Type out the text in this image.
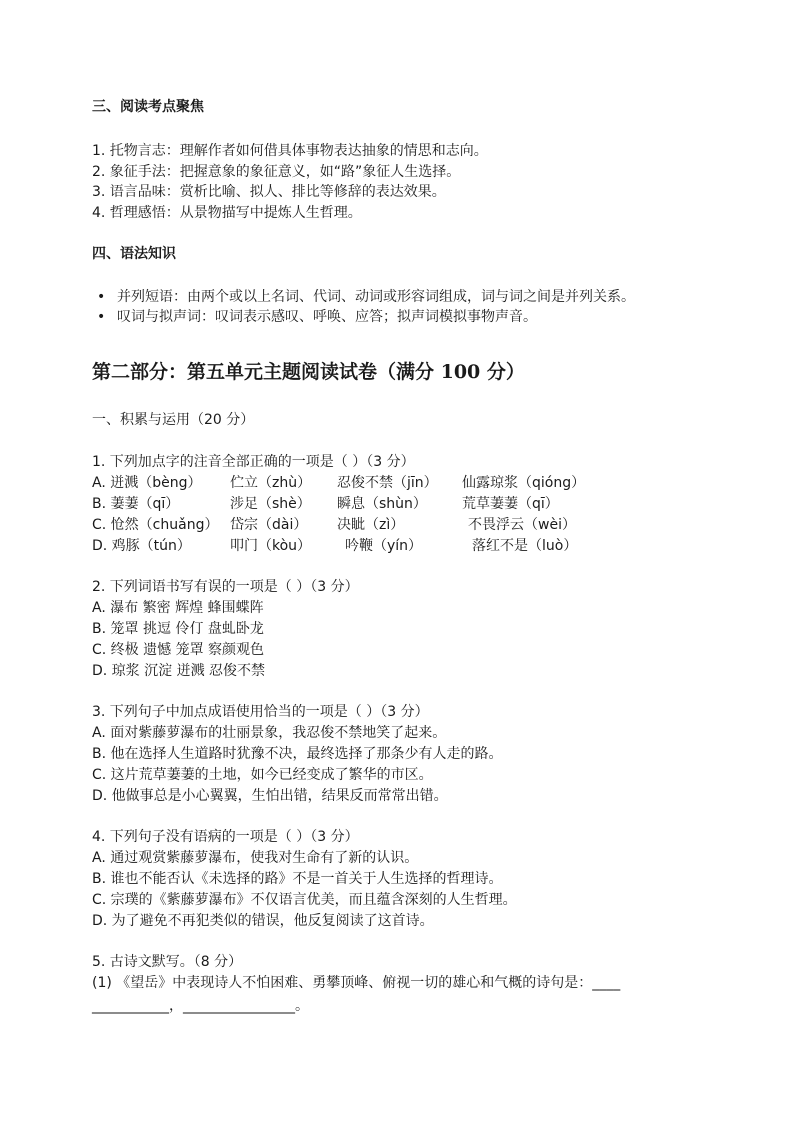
三、阅读考点聚焦
1. 托物言志：理解作者如何借具体事物表达抽象的情思和志向。
2. 象征手法：把握意象的象征意义，如“路”象征人生选择。
3. 语言品味：赏析比喻、拟人、排比等修辞的表达效果。
4. 哲理感悟：从景物描写中提炼人生哲理。
四、语法知识
• 并列短语：由两个或以上名词、代词、动词或形容词组成，词与词之间是并列关系。
• 叹词与拟声词：叹词表示感叹、呼唤、应答；拟声词模拟事物声音。
第二部分：第五单元主题阅读试卷（满分 100 分）
一、积累与运用（20 分）
1. 下列加点字的注音全部正确的一项是（ ）（3 分）
A. 迸溅（bèng） 伫立（zhù） 忍俊不禁（jīn） 仙露琼浆（qióng）
B. 萋萋（qī）	涉足（shè） 瞬息（shùn）	荒草萋萋（qī）
C. 怆然（chuǎng） 岱宗（dài） 决眦（zì）	不畏浮云（wèi）
D. 鸡豚（tún）	叩门（kòu） 吟鞭（yín）	落红不是（luò）
2. 下列词语书写有误的一项是（ ）（3 分）
A. 瀑布 繁密 辉煌 蜂围蝶阵
B. 笼罩 挑逗 伶仃 盘虬卧龙
C. 终极 遗憾 笼罩 察颜观色
D. 琼浆 沉淀 迸溅 忍俊不禁
3. 下列句子中加点成语使用恰当的一项是（ ）（3 分）
A. 面对紫藤萝瀑布的壮丽景象，我忍俊不禁地笑了起来。
B. 他在选择人生道路时犹豫不决，最终选择了那条少有人走的路。
C. 这片荒草萋萋的土地，如今已经变成了繁华的市区。
D. 他做事总是小心翼翼，生怕出错，结果反而常常出错。
4. 下列句子没有语病的一项是（ ）（3 分）
A. 通过观赏紫藤萝瀑布，使我对生命有了新的认识。
B. 谁也不能否认《未选择的路》不是一首关于人生选择的哲理诗。
C. 宗璞的《紫藤萝瀑布》不仅语言优美，而且蕴含深刻的人生哲理。
D. 为了避免不再犯类似的错误，他反复阅读了这首诗。
5. 古诗文默写。（8 分）
(1) 《望岳》中表现诗人不怕困难、勇攀顶峰、俯视一切的雄心和气概的诗句是：____
___________，________________。
